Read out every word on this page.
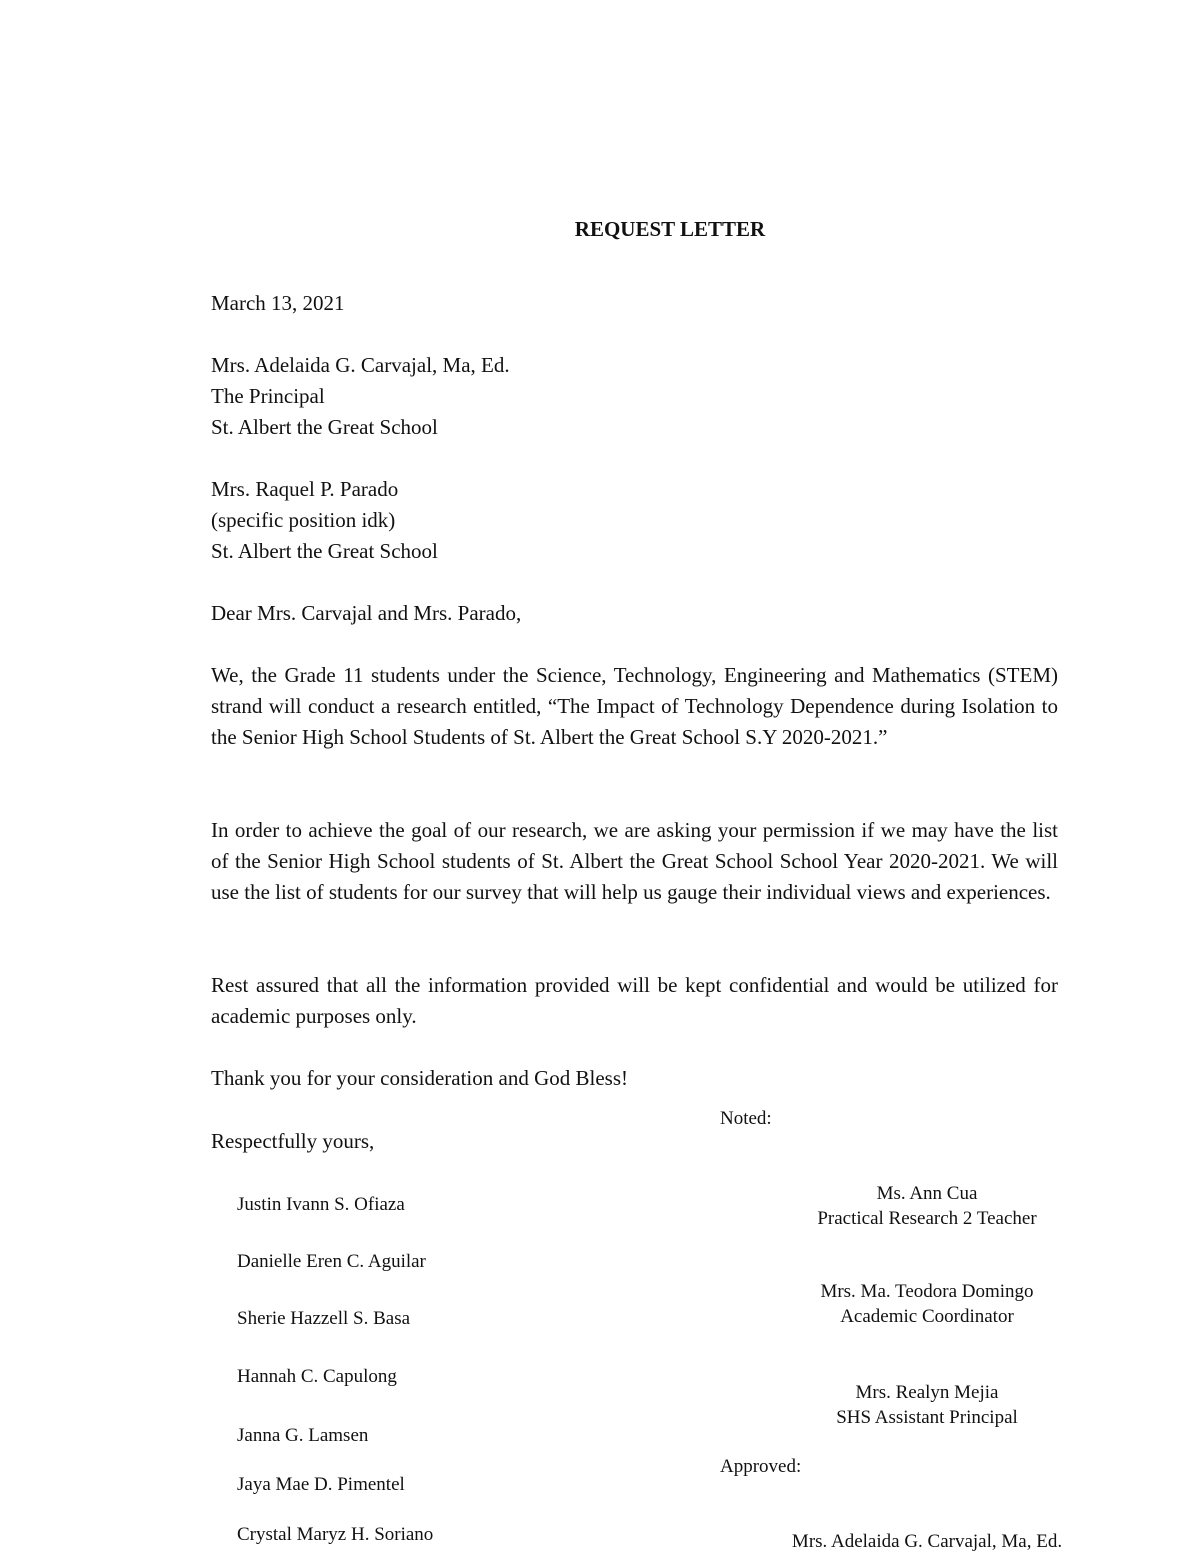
REQUEST LETTER
March 13, 2021
Mrs. Adelaida G. Carvajal, Ma, Ed.
The Principal
St. Albert the Great School
Mrs. Raquel P. Parado
(specific position idk)
St. Albert the Great School
Dear Mrs. Carvajal and Mrs. Parado,
We, the Grade 11 students under the Science, Technology, Engineering and Mathematics (STEM) strand will conduct a research entitled, “The Impact of Technology Dependence during Isolation to the Senior High School Students of St. Albert the Great School S.Y 2020-2021.”
In order to achieve the goal of our research, we are asking your permission if we may have the list of the Senior High School students of St. Albert the Great School School Year 2020-2021. We will use the list of students for our survey that will help us gauge their individual views and experiences.
Rest assured that all the information provided will be kept confidential and would be utilized for academic purposes only.
Thank you for your consideration and God Bless!
Respectfully yours,
Justin Ivann S. Ofiaza
Danielle Eren C. Aguilar
Sherie Hazzell S. Basa
Hannah C. Capulong
Janna G. Lamsen
Jaya Mae D. Pimentel
Crystal Maryz H. Soriano
Noted:
Ms. Ann Cua
Practical Research 2 Teacher
Mrs. Ma. Teodora Domingo
Academic Coordinator
Mrs. Realyn Mejia
SHS Assistant Principal
Approved:
Mrs. Adelaida G. Carvajal, Ma, Ed.
